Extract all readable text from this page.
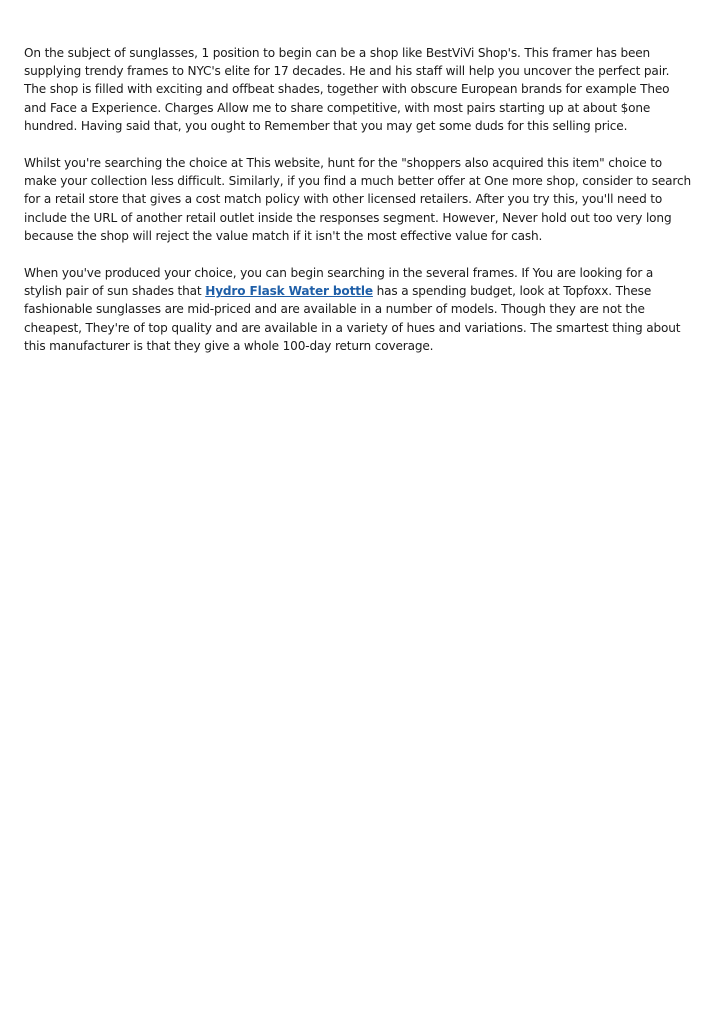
On the subject of sunglasses, 1 position to begin can be a shop like BestViVi Shop's. This framer has been supplying trendy frames to NYC's elite for 17 decades. He and his staff will help you uncover the perfect pair. The shop is filled with exciting and offbeat shades, together with obscure European brands for example Theo and Face a Experience. Charges Allow me to share competitive, with most pairs starting up at about $one hundred. Having said that, you ought to Remember that you may get some duds for this selling price.

Whilst you're searching the choice at This website, hunt for the "shoppers also acquired this item" choice to make your collection less difficult. Similarly, if you find a much better offer at One more shop, consider to search for a retail store that gives a cost match policy with other licensed retailers. After you try this, you'll need to include the URL of another retail outlet inside the responses segment. However, Never hold out too very long because the shop will reject the value match if it isn't the most effective value for cash.

When you've produced your choice, you can begin searching in the several frames. If You are looking for a stylish pair of sun shades that Hydro Flask Water bottle has a spending budget, look at Topfoxx. These fashionable sunglasses are mid-priced and are available in a number of models. Though they are not the cheapest, They're of top quality and are available in a variety of hues and variations. The smartest thing about this manufacturer is that they give a whole 100-day return coverage.
